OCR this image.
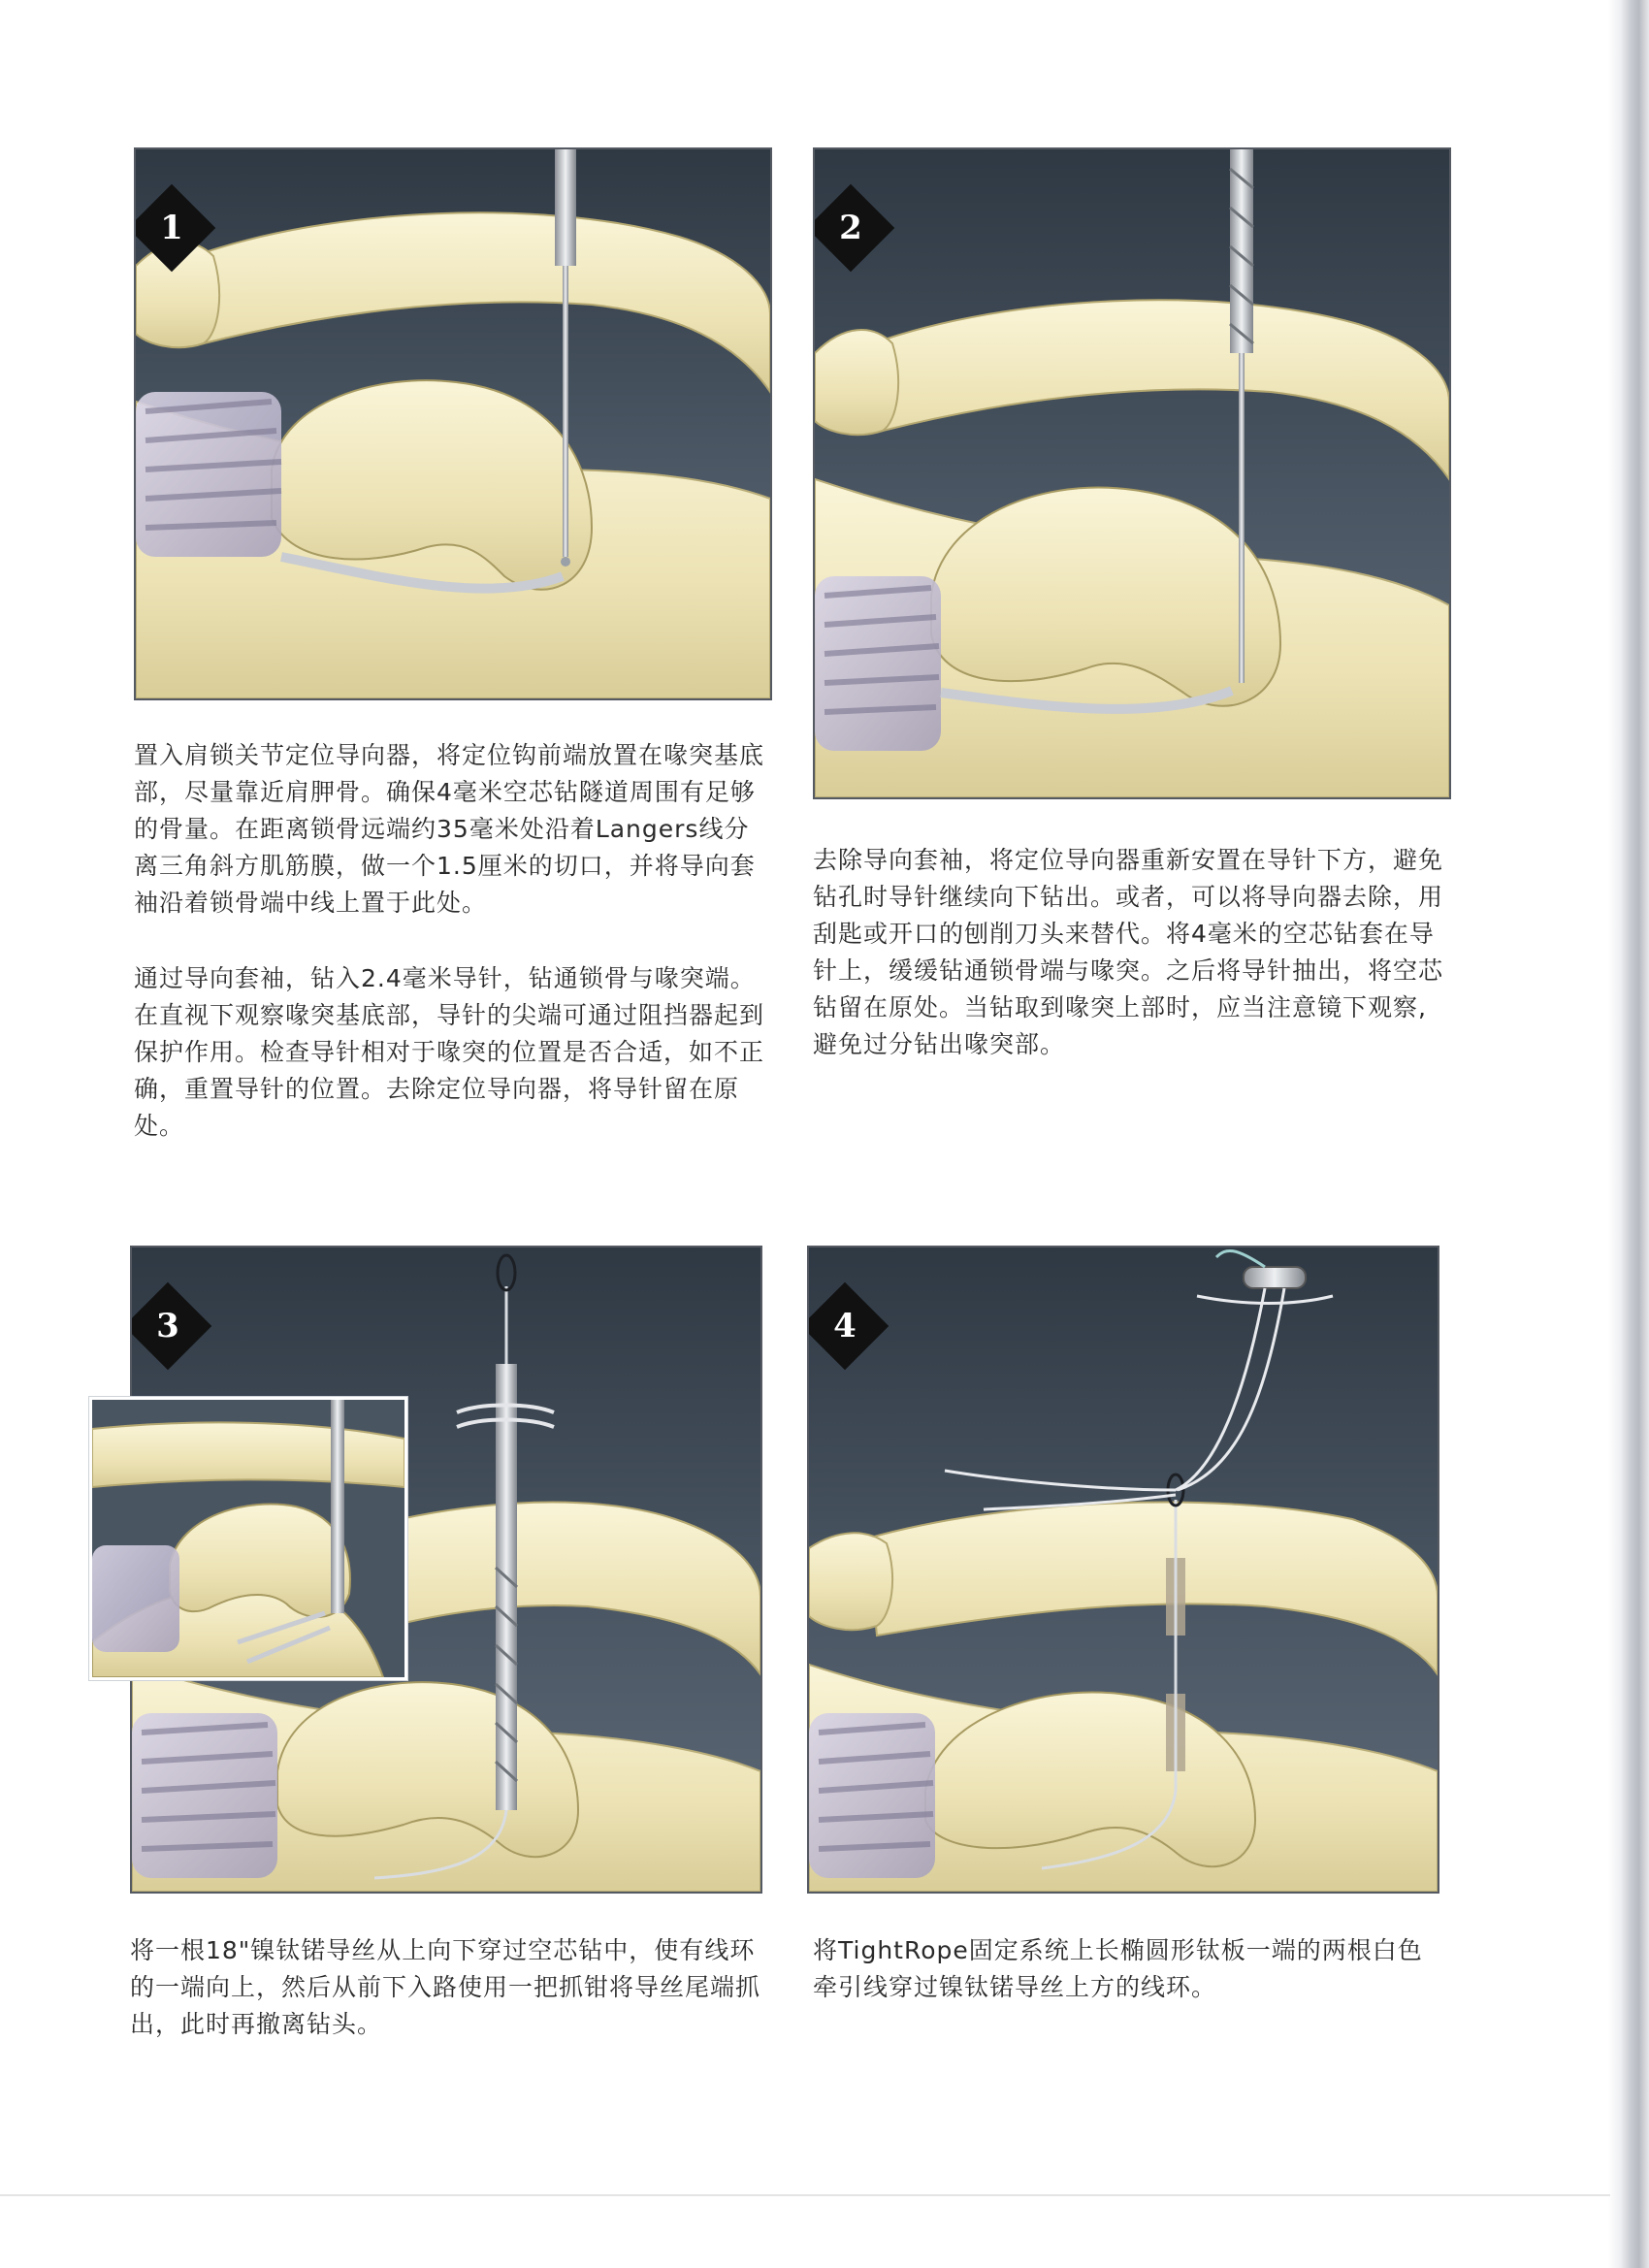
1	2
3	4

置入肩锁关节定位导向器，将定位钩前端放置在喙突基底部，尽量靠近肩胛骨。确保4毫米空芯钻隧道周围有足够的骨量。在距离锁骨远端约35毫米处沿着Langers线分离三角斜方肌筋膜，做一个1.5厘米的切口，并将导向套袖沿着锁骨端中线上置于此处。

通过导向套袖，钻入2.4毫米导针，钻通锁骨与喙突端。在直视下观察喙突基底部，导针的尖端可通过阻挡器起到保护作用。检查导针相对于喙突的位置是否合适，如不正确，重置导针的位置。去除定位导向器，将导针留在原处。

去除导向套袖，将定位导向器重新安置在导针下方，避免钻孔时导针继续向下钻出。或者，可以将导向器去除，用刮匙或开口的刨削刀头来替代。将4毫米的空芯钻套在导针上，缓缓钻通锁骨端与喙突。之后将导针抽出，将空芯钻留在原处。当钻取到喙突上部时，应当注意镜下观察,避免过分钻出喙突部。

将一根18"镍钛锘导丝从上向下穿过空芯钻中，使有线环的一端向上，然后从前下入路使用一把抓钳将导丝尾端抓出，此时再撤离钻头。

将TightRope固定系统上长椭圆形钛板一端的两根白色牵引线穿过镍钛锘导丝上方的线环。
